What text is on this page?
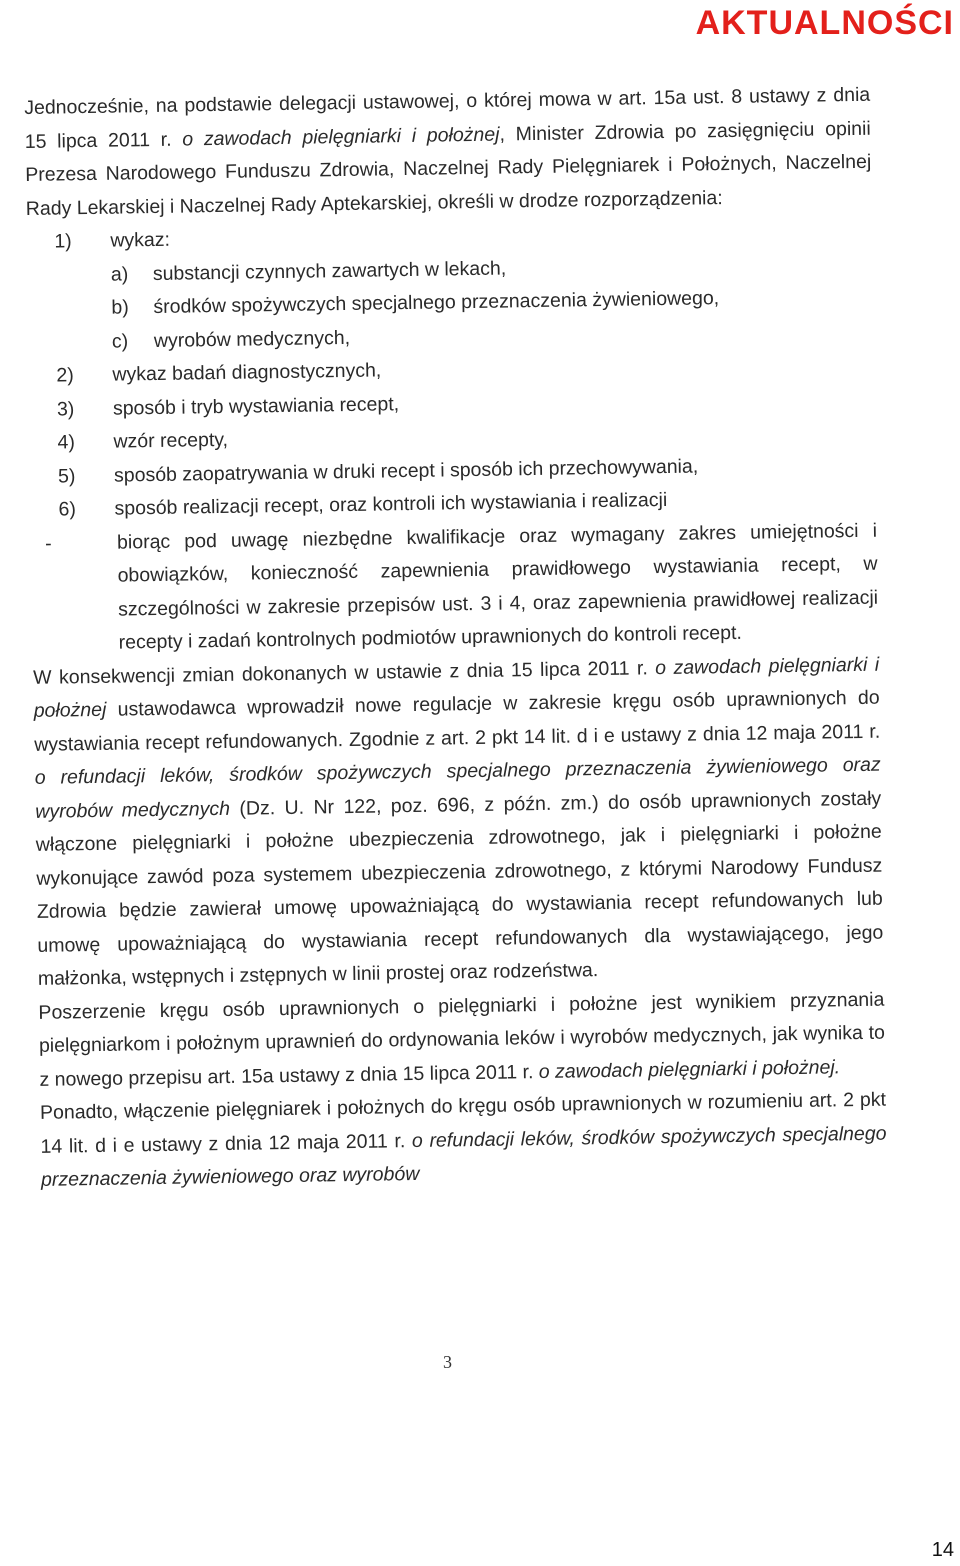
AKTUALNOŚCI

Jednocześnie, na podstawie delegacji ustawowej, o której mowa w art. 15a ust. 8 ustawy z dnia 15 lipca 2011 r. o zawodach pielęgniarki i położnej, Minister Zdrowia po zasięgnięciu opinii Prezesa Narodowego Funduszu Zdrowia, Naczelnej Rady Pielęgniarek i Położnych, Naczelnej Rady Lekarskiej i Naczelnej Rady Aptekarskiej, określi w drodze rozporządzenia:

1) wykaz:
a) substancji czynnych zawartych w lekach,
b) środków spożywczych specjalnego przeznaczenia żywieniowego,
c) wyrobów medycznych,
2) wykaz badań diagnostycznych,
3) sposób i tryb wystawiania recept,
4) wzór recepty,
5) sposób zaopatrywania w druki recept i sposób ich przechowywania,
6) sposób realizacji recept, oraz kontroli ich wystawiania i realizacji
-	biorąc pod uwagę niezbędne kwalifikacje oraz wymagany zakres umiejętności i obowiązków, konieczność zapewnienia prawidłowego wystawiania recept, w szczególności w zakresie przepisów ust. 3 i 4, oraz zapewnienia prawidłowej realizacji recepty i zadań kontrolnych podmiotów uprawnionych do kontroli recept.

W konsekwencji zmian dokonanych w ustawie z dnia 15 lipca 2011 r. o zawodach pielęgniarki i położnej ustawodawca wprowadził nowe regulacje w zakresie kręgu osób uprawnionych do wystawiania recept refundowanych. Zgodnie z art. 2 pkt 14 lit. d i e ustawy z dnia 12 maja 2011 r. o refundacji leków, środków spożywczych specjalnego przeznaczenia żywieniowego oraz wyrobów medycznych (Dz. U. Nr 122, poz. 696, z późn. zm.) do osób uprawnionych zostały włączone pielęgniarki i położne ubezpieczenia zdrowotnego, jak i pielęgniarki i położne wykonujące zawód poza systemem ubezpieczenia zdrowotnego, z którymi Narodowy Fundusz Zdrowia będzie zawierał umowę upoważniającą do wystawiania recept refundowanych lub umowę upoważniającą do wystawiania recept refundowanych dla wystawiającego, jego małżonka, wstępnych i zstępnych w linii prostej oraz rodzeństwa.

Poszerzenie kręgu osób uprawnionych o pielęgniarki i położne jest wynikiem przyznania pielęgniarkom i położnym uprawnień do ordynowania leków i wyrobów medycznych, jak wynika to z nowego przepisu art. 15a ustawy z dnia 15 lipca 2011 r. o zawodach pielęgniarki i położnej.

Ponadto, włączenie pielęgniarek i położnych do kręgu osób uprawnionych w rozumieniu art. 2 pkt 14 lit. d i e ustawy z dnia 12 maja 2011 r. o refundacji leków, środków spożywczych specjalnego przeznaczenia żywieniowego oraz wyrobów

3
14
